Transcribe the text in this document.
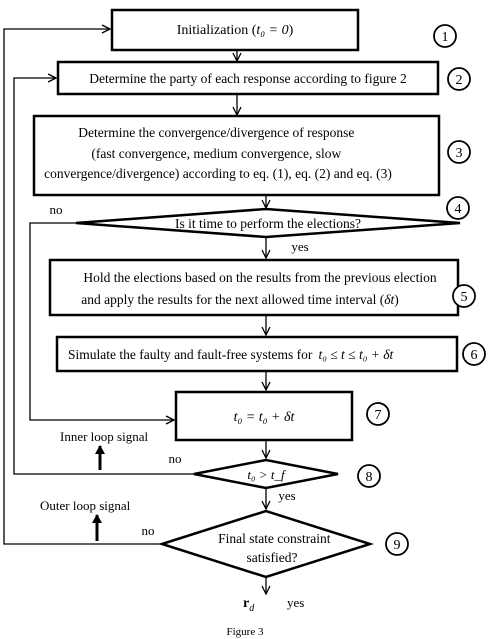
Initialization (t₀ = 0)	1
Determine the party of each response according to figure 2	2
Determine the convergence/divergence of response (fast convergence, medium convergence, slow convergence/divergence) according to eq. (1), eq. (2) and eq. (3)
3
Is it time to perform the elections?
4
no
yes
Hold the elections based on the results from the previous election
and apply the results for the next allowed time interval (δt)	5
Simulate the faulty and fault-free systems for t₀ ≤ t ≤ t₀ + δt	6
t₀ = t₀ + δt	7
Inner loop signal
t₀ > t_f	8
no
yes
Final state constraint satisfied?
9
no
Outer loop signal
$r_d$	yes
Figure 3
